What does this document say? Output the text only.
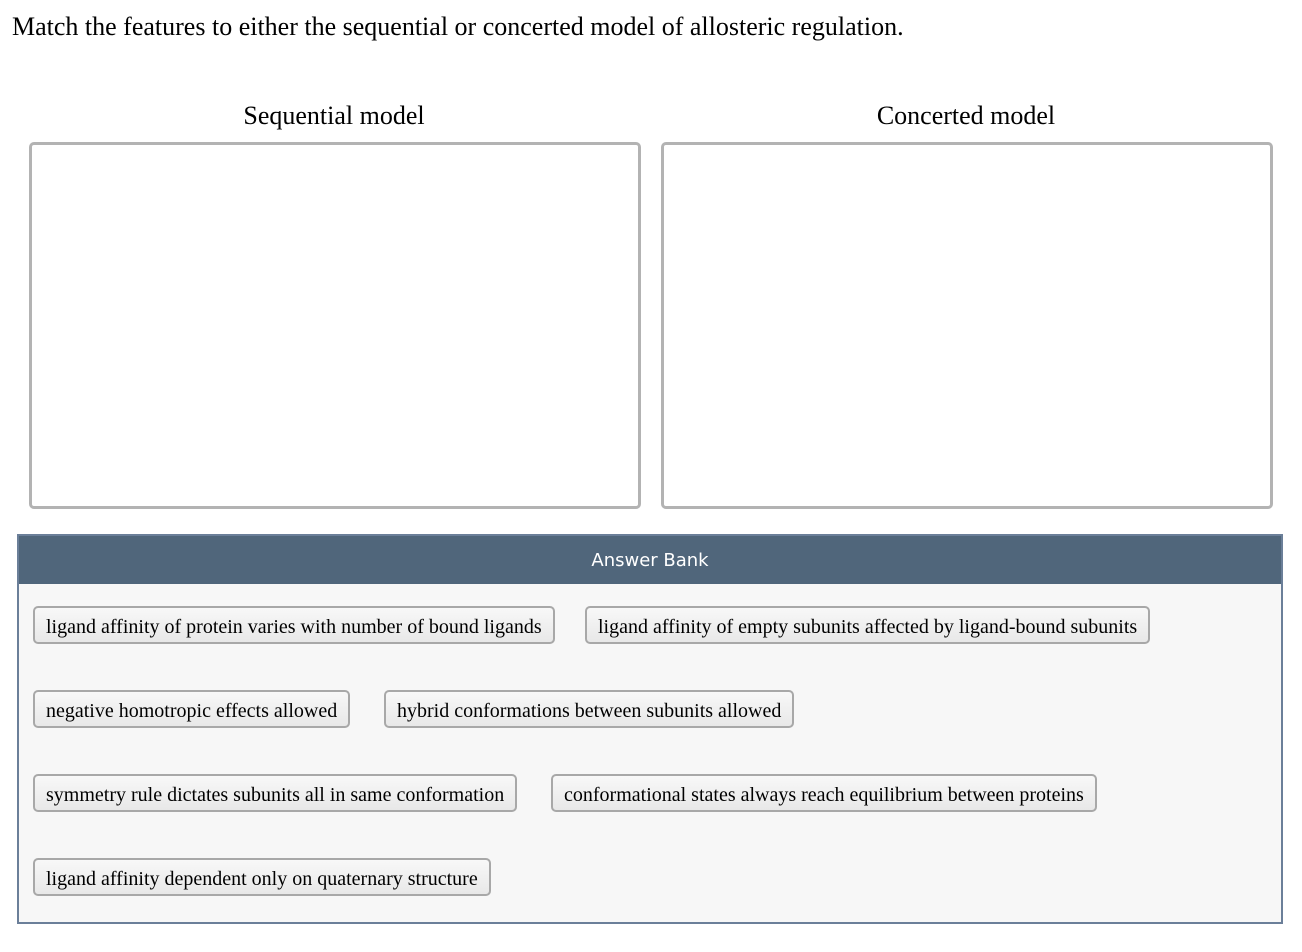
Match the features to either the sequential or concerted model of allosteric regulation.
Sequential model	Concerted model
Answer Bank
ligand affinity of protein varies with number of bound ligands	ligand affinity of empty subunits affected by ligand-bound subunits
negative homotropic effects allowed	hybrid conformations between subunits allowed
symmetry rule dictates subunits all in same conformation	conformational states always reach equilibrium between proteins
ligand affinity dependent only on quaternary structure
